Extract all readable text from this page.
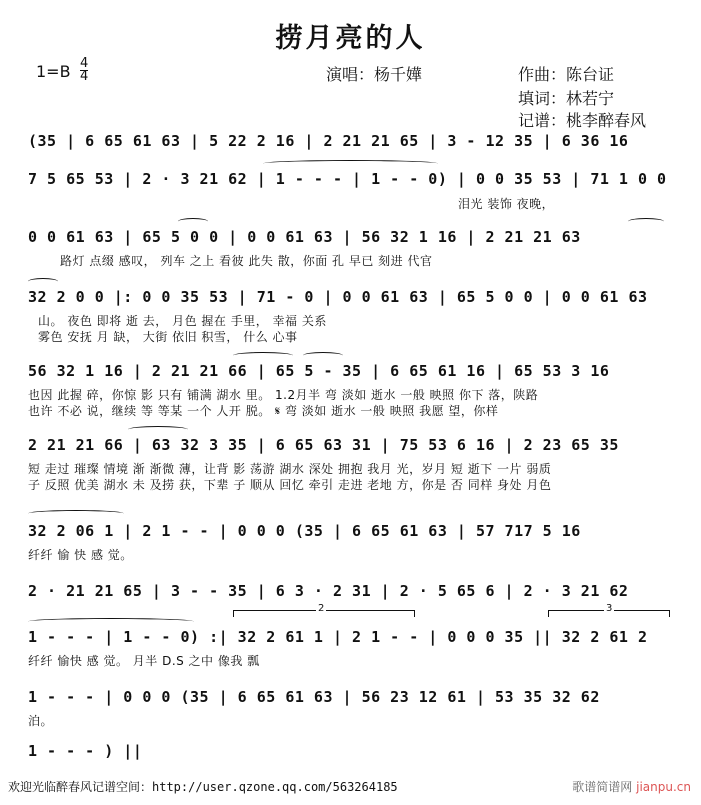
捞月亮的人
1=B 4
4	演唱：杨千嬅	作曲：陈台证
填词：林若宁
记谱：桃李醉春风
(35 | 6 65 61 63 | 5 22 2 16 | 2 21 21 65 | 3 - 12 35 | 6 36 16
7 5 65 53 | 2 · 3 21 62 | 1 - - - | 1 - - 0) | 0 0 35 53 | 71 1 0 0
泪光 装饰 夜晚，
0 0 61 63 | 65 5 0 0 | 0 0 61 63 | 56 32 1 16 | 2 21 21 63
路灯 点缀 感叹， 列车 之上 看彼 此失 散，你面 孔 早已 刻进 代官
32 2 0 0 |: 0 0 35 53 | 71 - 0 | 0 0 61 63 | 65 5 0 0 | 0 0 61 63
山。 夜色 即将 逝 去， 月色 握在 手里， 幸福 关系
雾色 安抚 月 缺， 大街 依旧 积雪， 什么 心事
56 32 1 16 | 2 21 21 66 | 65 5 - 35 | 6 65 61 16 | 65 53 3 16
也因 此握 碎，你惊 影 只有 铺满 湖水 里。 1.2月半 弯 淡如 逝水 一般 映照 你下 落，陕路
也许 不必 说，继续 等 等某 一个 人开 脱。 𝄋 弯 淡如 逝水 一般 映照 我愿 望，你样
2 21 21 66 | 63 32 3 35 | 6 65 63 31 | 75 53 6 16 | 2 23 65 35
短 走过 璀璨 情境 渐 渐微 薄，让背 影 荡游 湖水 深处 拥抱 我月 光，岁月 短 逝下 一片 弱质
子 反照 优美 湖水 未 及捞 获，下辈 子 顺从 回忆 牵引 走进 老地 方，你是 否 同样 身处 月色
32 2 06 1 | 2 1 - - | 0 0 0 (35 | 6 65 61 63 | 57 717 5 16
纤纤 愉 快 感 觉。
2 · 21 21 65 | 3 - - 35 | 6 3 · 2 31 | 2 · 5 65 6 | 2 · 3 21 62
1 - - - | 1 - - 0) :| 32 2 61 1 | 2 1 - - | 0 0 0 35 || 32 2 61 2
纤纤 愉快 感 觉。 月半 D.S 之中 像我 瓢
2	3
1 - - - | 0 0 0 (35 | 6 65 61 63 | 56 23 12 61 | 53 35 32 62
泊。
1 - - - ) ||
欢迎光临醉春风记谱空间：http://user.qzone.qq.com/563264185	歌谱简谱网 jianpu.cn
